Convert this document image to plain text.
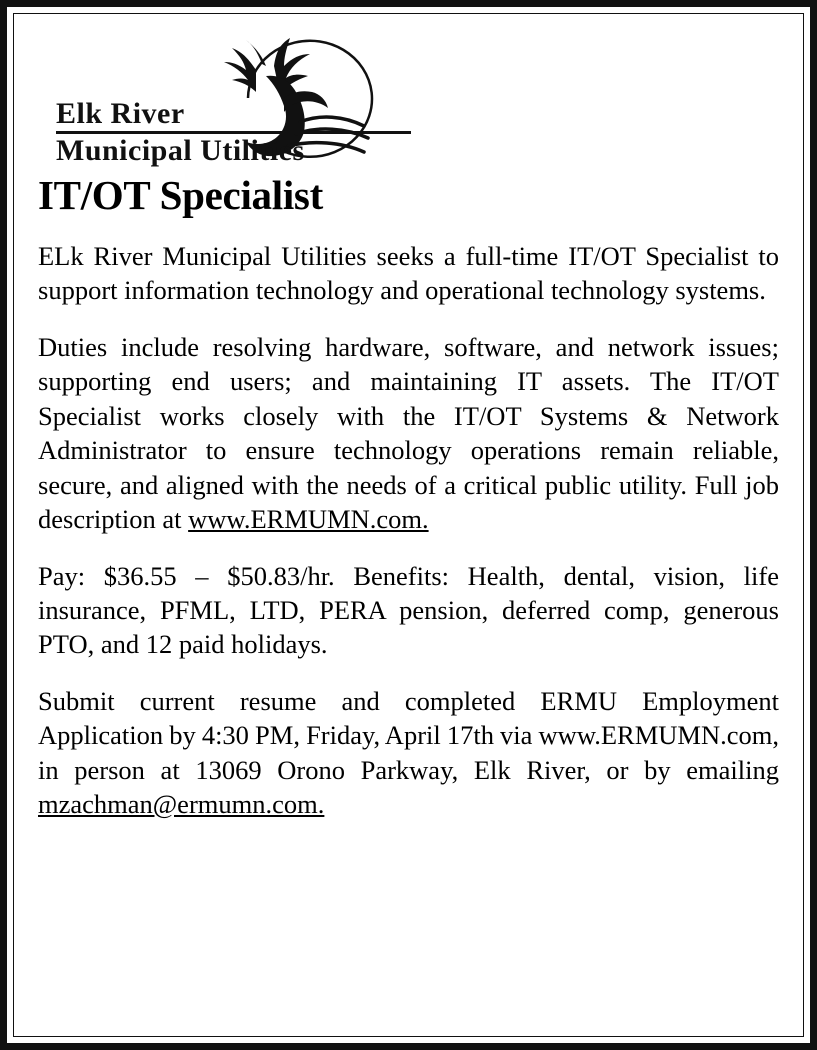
Elk River
Municipal Utilities
IT/OT Specialist

ELk River Municipal Utilities seeks a full-time IT/OT Specialist to support information technology and operational technology systems.

Duties include resolving hardware, software, and network issues; supporting end users; and maintaining IT assets. The IT/OT Specialist works closely with the IT/OT Systems & Network Administrator to ensure technology operations remain reliable, secure, and aligned with the needs of a critical public utility. Full job description at www.ERMUMN.com.

Pay: $36.55 – $50.83/hr. Benefits: Health, dental, vision, life insurance, PFML, LTD, PERA pension, deferred comp, generous PTO, and 12 paid holidays.

Submit current resume and completed ERMU Employment Application by 4:30 PM, Friday, April 17th via www.ERMUMN.com, in person at 13069 Orono Parkway, Elk River, or by emailing mzachman@ermumn.com.
